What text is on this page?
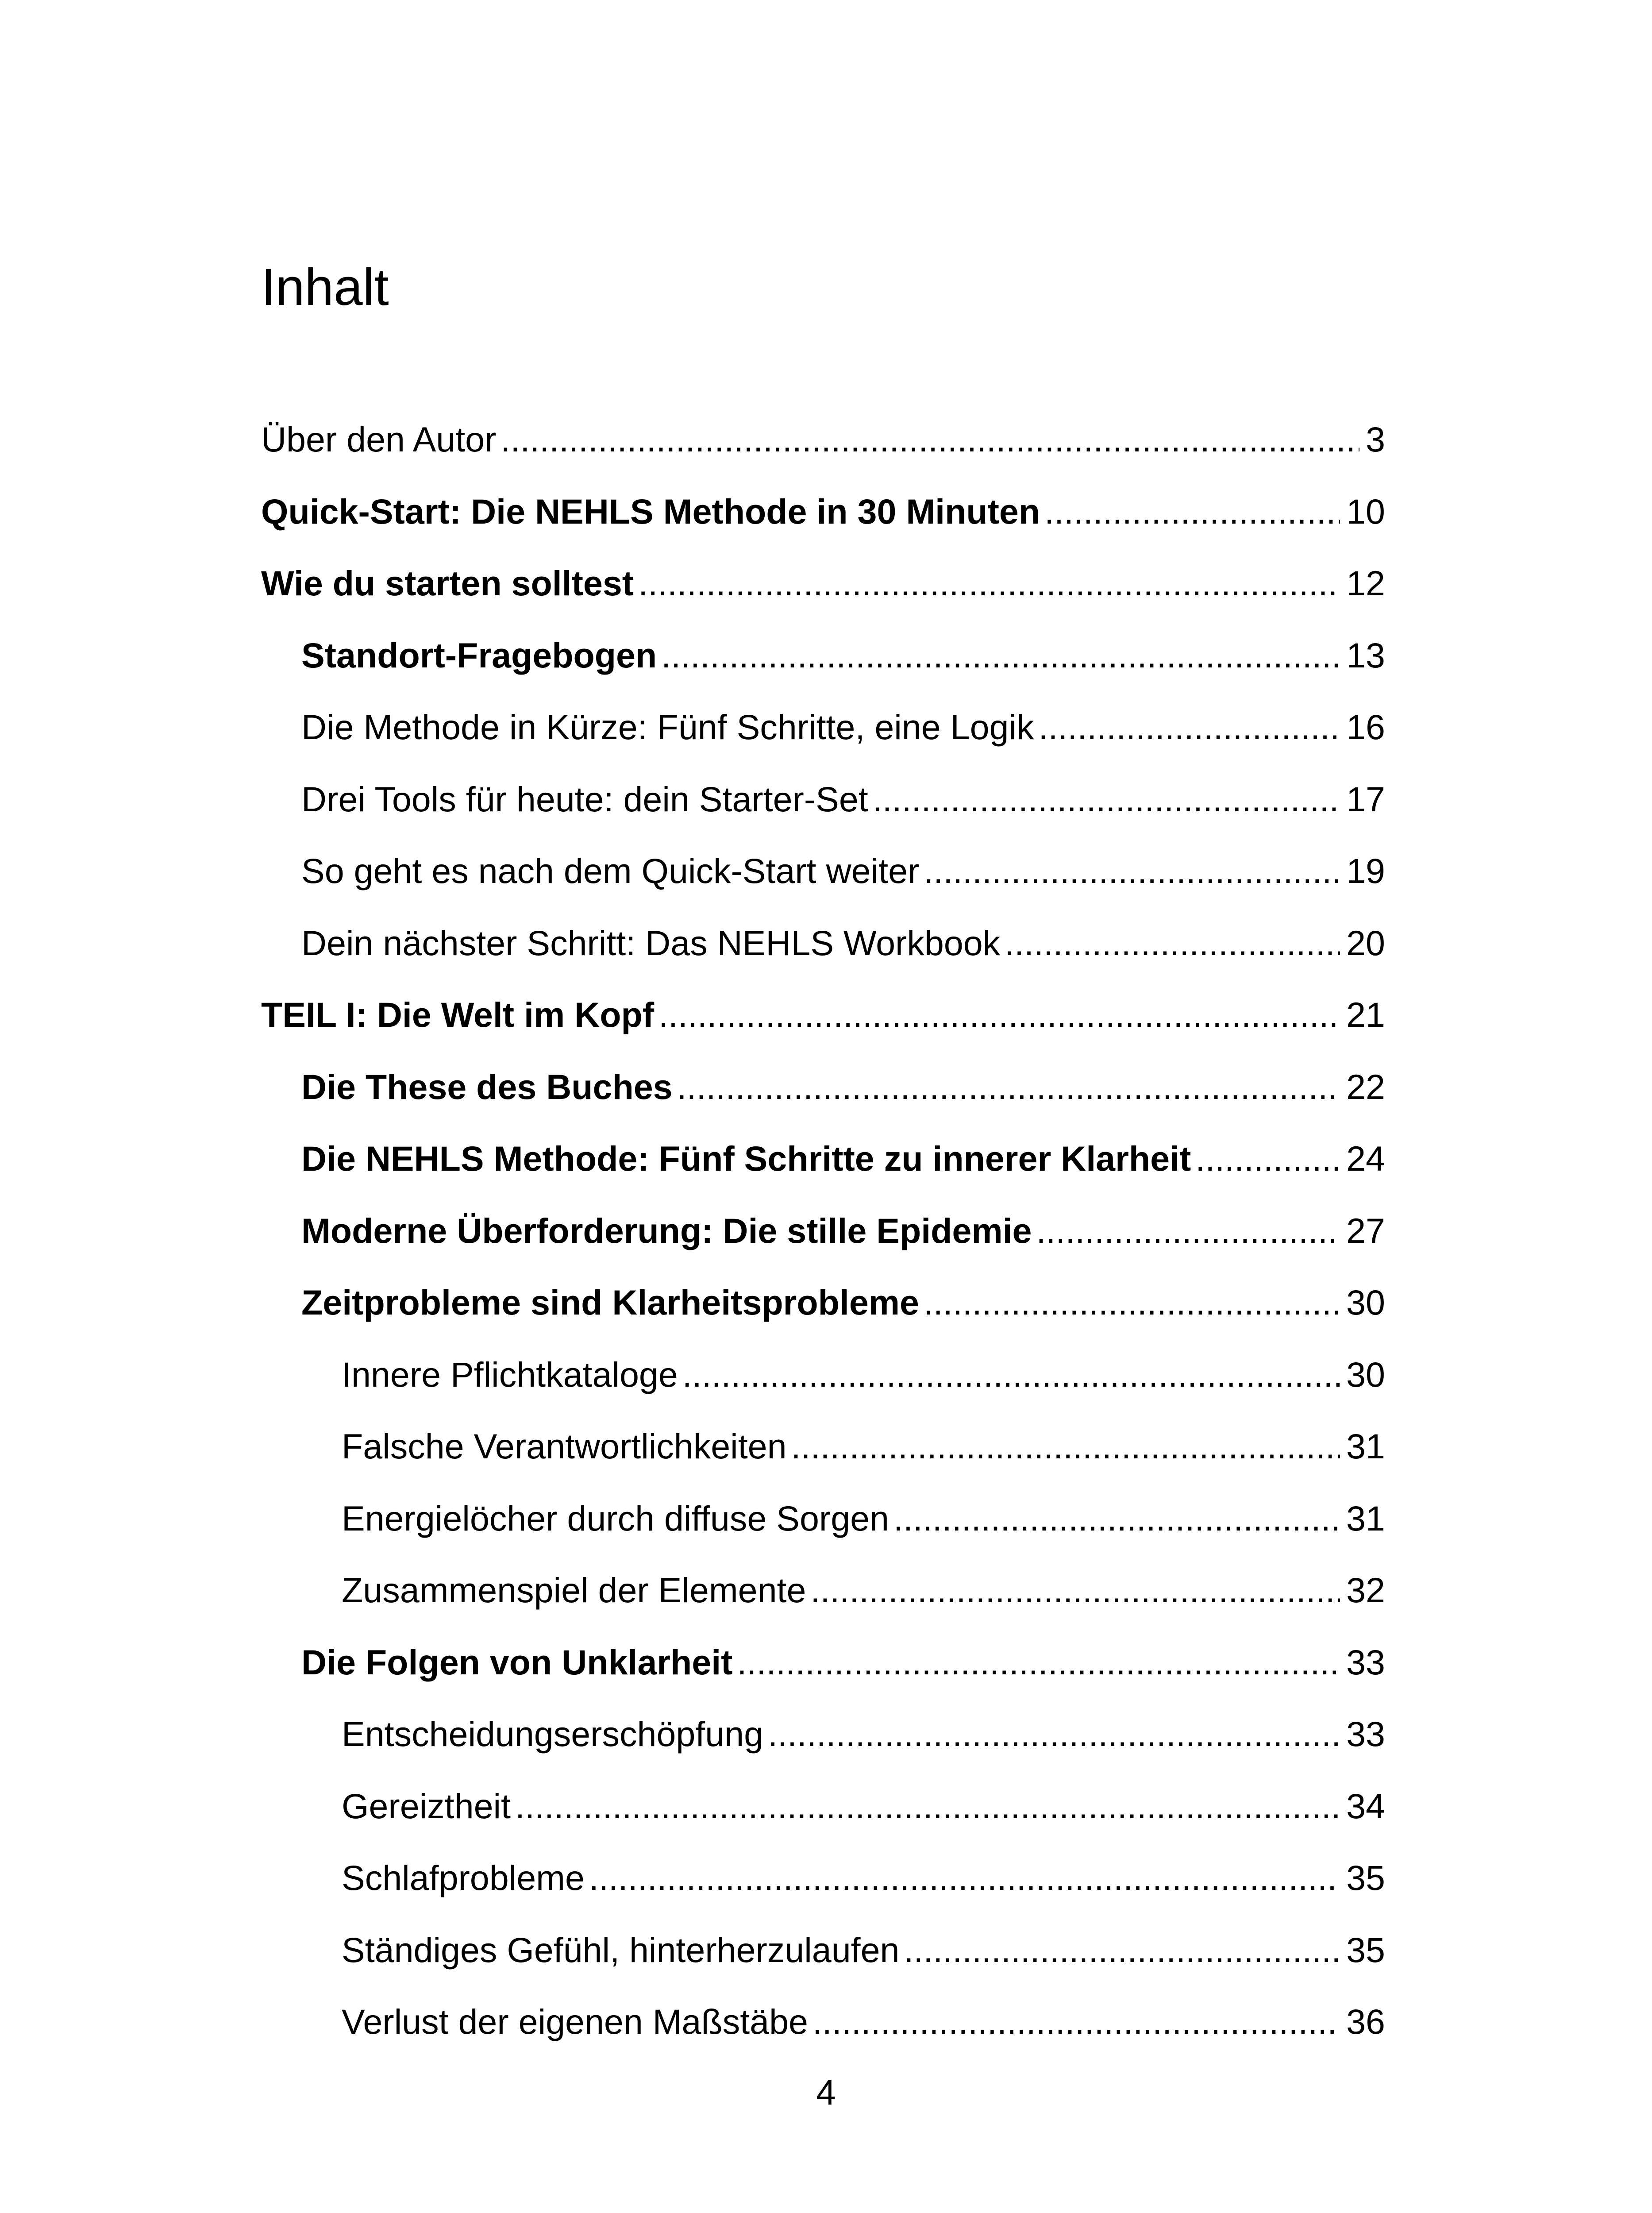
Inhalt
Über den Autor .....	3
Quick-Start: Die NEHLS Methode in 30 Minuten .....	10
Wie du starten solltest .....	12
Standort-Fragebogen .....	13
Die Methode in Kürze: Fünf Schritte, eine Logik .....	16
Drei Tools für heute: dein Starter-Set .....	17
So geht es nach dem Quick-Start weiter .....	19
Dein nächster Schritt: Das NEHLS Workbook .....	20
TEIL I: Die Welt im Kopf .....	21
Die These des Buches .....	22
Die NEHLS Methode: Fünf Schritte zu innerer Klarheit .....	24
Moderne Überforderung: Die stille Epidemie .....	27
Zeitprobleme sind Klarheitsprobleme .....	30
Innere Pflichtkataloge .....	30
Falsche Verantwortlichkeiten .....	31
Energielöcher durch diffuse Sorgen .....	31
Zusammenspiel der Elemente .....	32
Die Folgen von Unklarheit .....	33
Entscheidungserschöpfung .....	33
Gereiztheit .....	34
Schlafprobleme .....	35
Ständiges Gefühl, hinterherzulaufen .....	35
Verlust der eigenen Maßstäbe .....	36
4
